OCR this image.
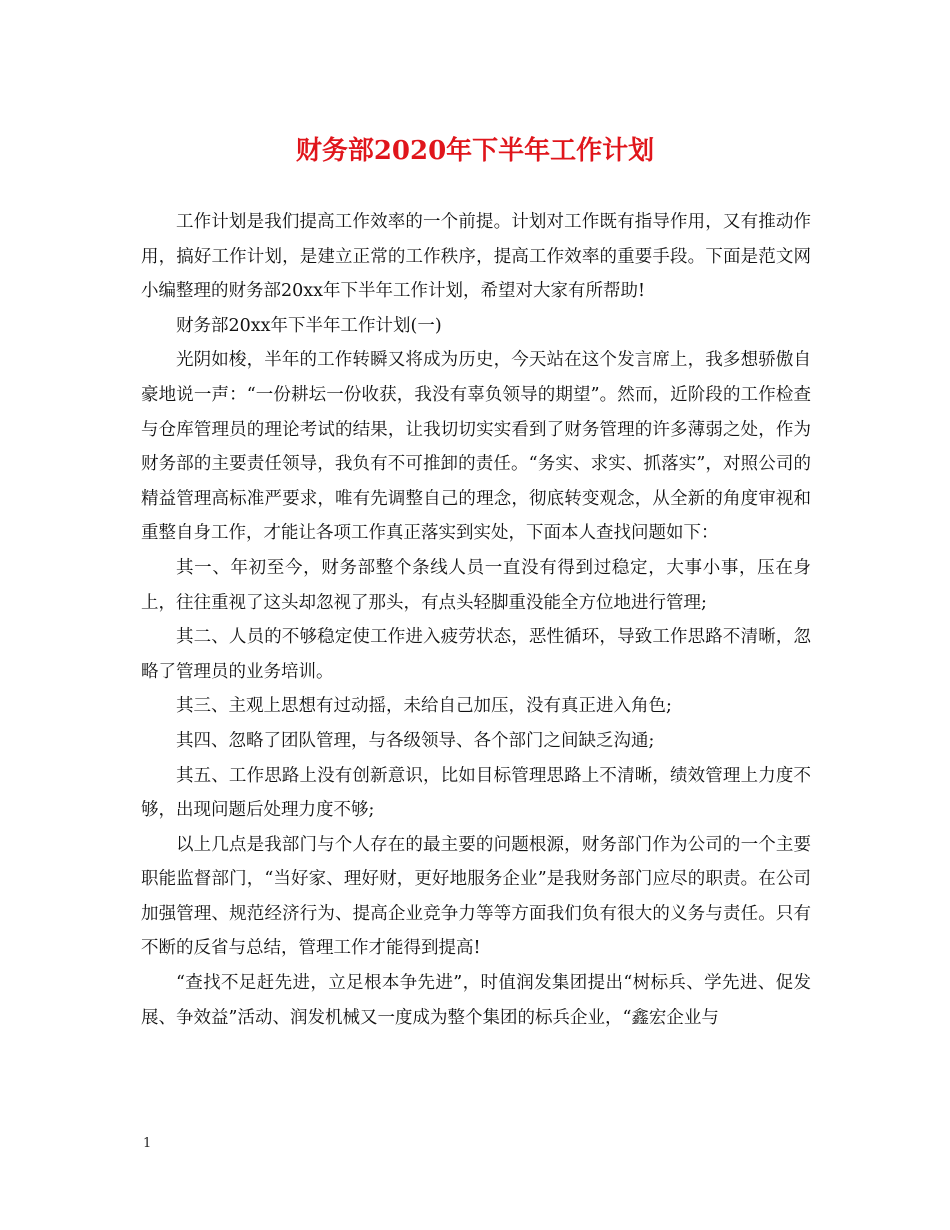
财务部2020年下半年工作计划

工作计划是我们提高工作效率的一个前提。计划对工作既有指导作用，又有推动作用，搞好工作计划，是建立正常的工作秩序，提高工作效率的重要手段。下面是范文网小编整理的财务部20xx年下半年工作计划，希望对大家有所帮助!

财务部20xx年下半年工作计划(一)

光阴如梭，半年的工作转瞬又将成为历史，今天站在这个发言席上，我多想骄傲自豪地说一声：“一份耕坛一份收获，我没有辜负领导的期望”。然而，近阶段的工作检查与仓库管理员的理论考试的结果，让我切切实实看到了财务管理的许多薄弱之处，作为财务部的主要责任领导，我负有不可推卸的责任。“务实、求实、抓落实”，对照公司的精益管理高标准严要求，唯有先调整自己的理念，彻底转变观念，从全新的角度审视和重整自身工作，才能让各项工作真正落实到实处，下面本人查找问题如下：

其一、年初至今，财务部整个条线人员一直没有得到过稳定，大事小事，压在身上，往往重视了这头却忽视了那头，有点头轻脚重没能全方位地进行管理;

其二、人员的不够稳定使工作进入疲劳状态，恶性循环，导致工作思路不清晰，忽略了管理员的业务培训。

其三、主观上思想有过动摇，未给自己加压，没有真正进入角色;

其四、忽略了团队管理，与各级领导、各个部门之间缺乏沟通;

其五、工作思路上没有创新意识，比如目标管理思路上不清晰，绩效管理上力度不够，出现问题后处理力度不够;

以上几点是我部门与个人存在的最主要的问题根源，财务部门作为公司的一个主要职能监督部门，“当好家、理好财，更好地服务企业”是我财务部门应尽的职责。在公司加强管理、规范经济行为、提高企业竞争力等等方面我们负有很大的义务与责任。只有不断的反省与总结，管理工作才能得到提高!

“查找不足赶先进，立足根本争先进”，时值润发集团提出“树标兵、学先进、促发展、争效益”活动、润发机械又一度成为整个集团的标兵企业，“鑫宏企业与

1
